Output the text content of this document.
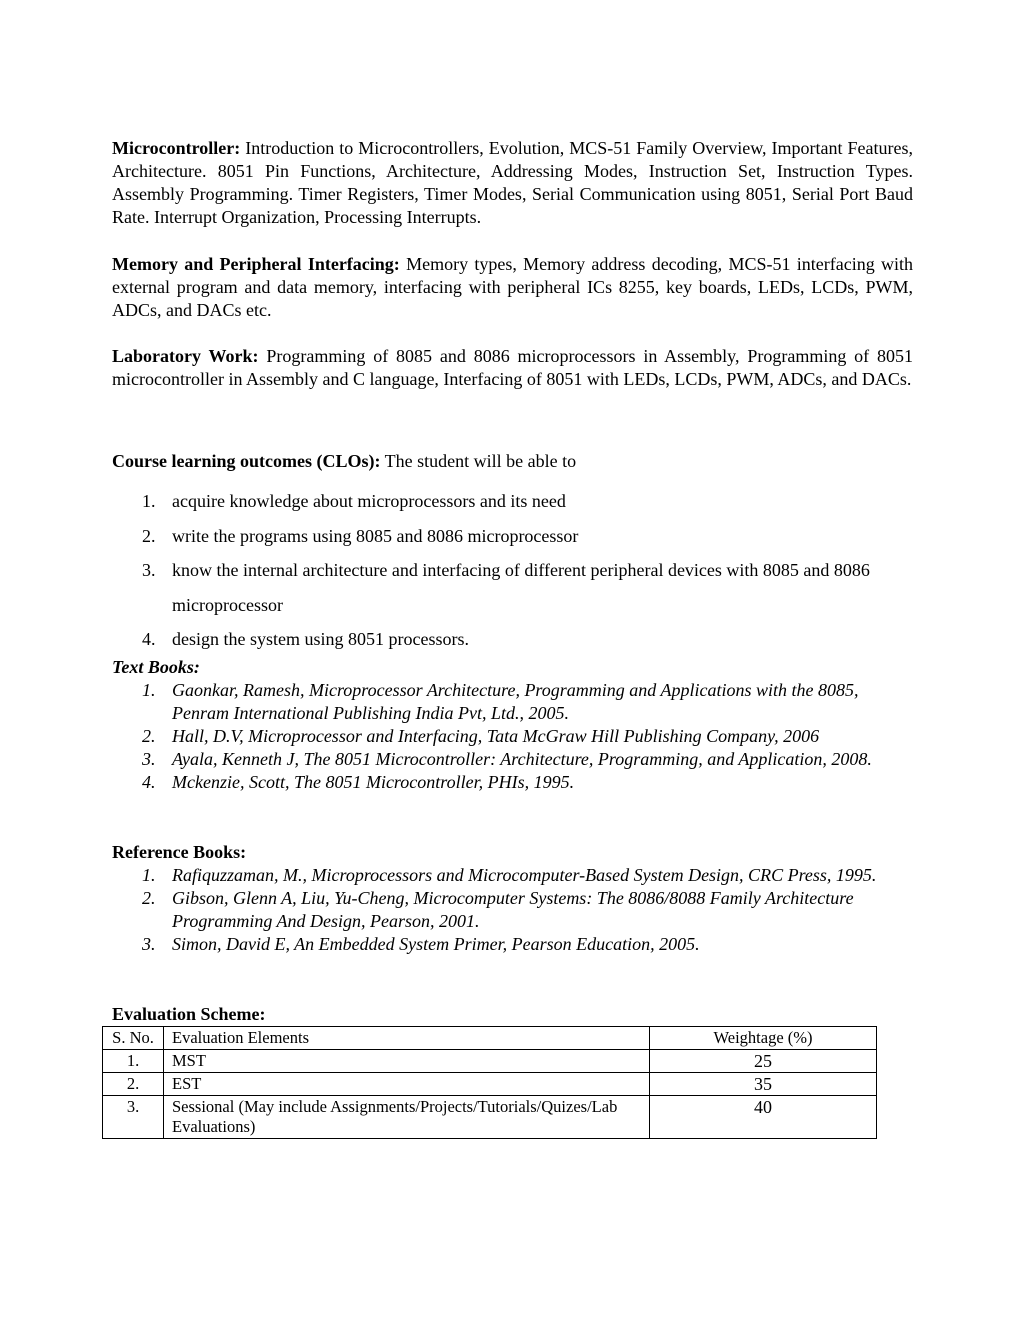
Microcontroller: Introduction to Microcontrollers, Evolution, MCS-51 Family Overview, Important Features, Architecture. 8051 Pin Functions, Architecture, Addressing Modes, Instruction Set, Instruction Types. Assembly Programming. Timer Registers, Timer Modes, Serial Communication using 8051, Serial Port Baud Rate. Interrupt Organization, Processing Interrupts.

Memory and Peripheral Interfacing: Memory types, Memory address decoding, MCS-51 interfacing with external program and data memory, interfacing with peripheral ICs 8255, key boards, LEDs, LCDs, PWM, ADCs, and DACs etc.

Laboratory Work: Programming of 8085 and 8086 microprocessors in Assembly, Programming of 8051 microcontroller in Assembly and C language, Interfacing of 8051 with LEDs, LCDs, PWM, ADCs, and DACs.

Course learning outcomes (CLOs): The student will be able to

1. acquire knowledge about microprocessors and its need
2. write the programs using 8085 and 8086 microprocessor
3. know the internal architecture and interfacing of different peripheral devices with 8085 and 8086 microprocessor
4. design the system using 8051 processors.

Text Books:

1. Gaonkar, Ramesh, Microprocessor Architecture, Programming and Applications with the 8085, Penram International Publishing India Pvt, Ltd., 2005.
2. Hall, D.V, Microprocessor and Interfacing, Tata McGraw Hill Publishing Company, 2006
3. Ayala, Kenneth J, The 8051 Microcontroller: Architecture, Programming, and Application, 2008.
4. Mckenzie, Scott, The 8051 Microcontroller, PHIs, 1995.

Reference Books:

1. Rafiquzzaman, M., Microprocessors and Microcomputer-Based System Design, CRC Press, 1995.
2. Gibson, Glenn A, Liu, Yu-Cheng, Microcomputer Systems: The 8086/8088 Family Architecture Programming And Design, Pearson, 2001.
3. Simon, David E, An Embedded System Primer, Pearson Education, 2005.

Evaluation Scheme:

S. No.	Evaluation Elements	Weightage (%)
1.	MST	25
2.	EST	35
3.	Sessional (May include Assignments/Projects/Tutorials/Quizes/Lab Evaluations)	40
